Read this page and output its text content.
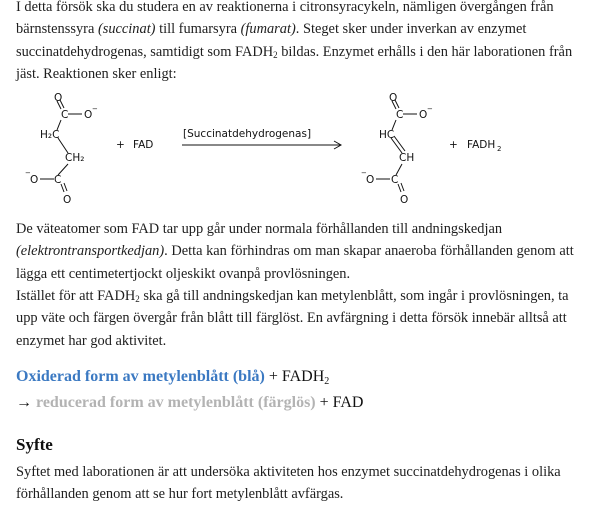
I detta försök ska du studera en av reaktionerna i citronsyracykeln, nämligen övergången från bärnstenssyra (succinat) till fumarsyra (fumarat). Steget sker under inverkan av enzymet succinatdehydrogenas, samtidigt som $FADH_2$ bildas. Enzymet erhålls i den här laborationen från jäst. Reaktionen sker enligt:

O
C O −
H₂C
CH₂
−
O C
O
+ FAD
[Succinatdehydrogenas]
O
C O −
HC
CH
−
O C
O
+ FADH 2

De väteatomer som FAD tar upp går under normala förhållanden till andningskedjan (elektrontransportkedjan). Detta kan förhindras om man skapar anaeroba förhållanden genom att lägga ett centimetertjockt oljeskikt ovanpå provlösningen.

Istället för att $FADH_2$ ska gå till andningskedjan kan metylenblått, som ingår i provlösningen, ta upp väte och färgen övergår från blått till färglöst. En avfärgning i detta försök innebär alltså att enzymet har god aktivitet.

Oxiderad form av metylenblått (blå) + $FADH_2$
→ reducerad form av metylenblått (färglös) + FAD
Syfte

Syftet med laborationen är att undersöka aktiviteten hos enzymet succinatdehydrogenas i olika förhållanden genom att se hur fort metylenblått avfärgas.
